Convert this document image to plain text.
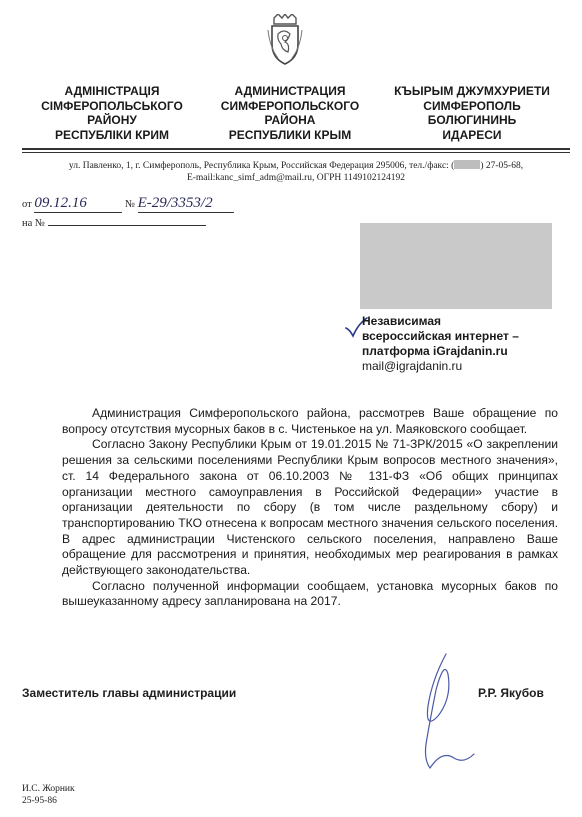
АДМІНІСТРАЦІЯ
СІМФЕРОПОЛЬСЬКОГО
РАЙОНУ
РЕСПУБЛІКИ КРИМ
АДМИНИСТРАЦИЯ
СИМФЕРОПОЛЬСКОГО
РАЙОНА
РЕСПУБЛИКИ КРЫМ
КЪЫРЫМ ДЖУМХУРИЕТИ
СИМФЕРОПОЛЬ
БОЛЮГИНИНЬ
ИДАРЕСИ
ул. Павленко, 1, г. Симферополь, Республика Крым, Российская Федерация 295006, тел./факс: (	) 27-05-68,
E-mail:kanc_simf_adm@mail.ru, ОГРН 1149102124192
от 09.12.16	№ Е-29/3353/2
на №
Независимая
всероссийская интернет –
платформа iGrajdanin.ru
mail@igrajdanin.ru

Администрация Симферопольского района, рассмотрев Ваше обращение по вопросу отсутствия мусорных баков в с. Чистенькое на ул. Маяковского сообщает.

Согласно Закону Республики Крым от 19.01.2015 № 71-ЗРК/2015 «О закреплении решения за сельскими поселениями Республики Крым вопросов местного значения», ст. 14 Федерального закона от 06.10.2003 № 131-ФЗ «Об общих принципах организации местного самоуправления в Российской Федерации» участие в организации деятельности по сбору (в том числе раздельному сбору) и транспортированию ТКО отнесена к вопросам местного значения сельского поселения. В адрес администрации Чистенского сельского поселения, направлено Ваше обращение для рассмотрения и принятия, необходимых мер реагирования в рамках действующего законодательства.

Согласно полученной информации сообщаем, установка мусорных баков по вышеуказанному адресу запланирована на 2017.

Заместитель главы администрации	Р.Р. Якубов
И.С. Жорник
25-95-86
